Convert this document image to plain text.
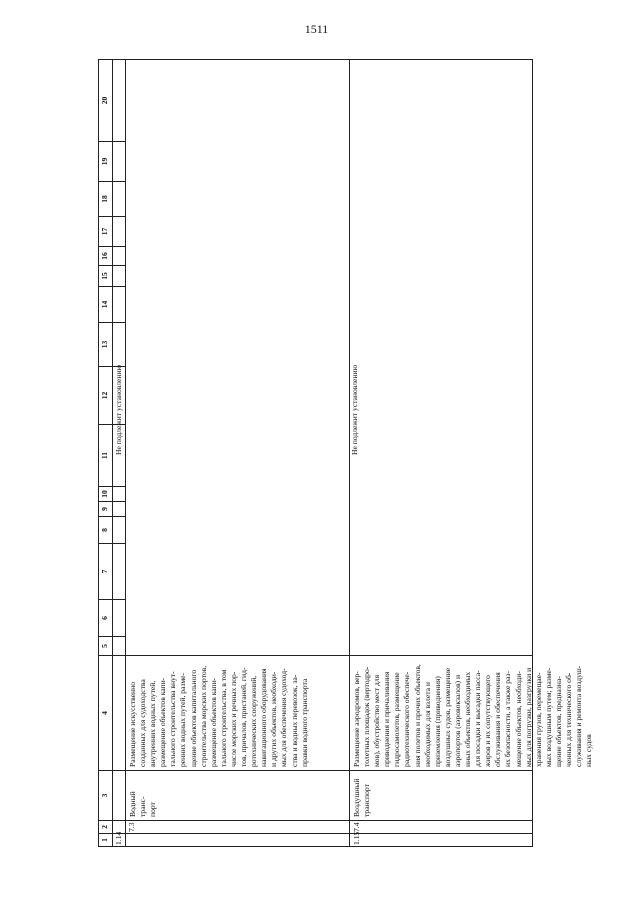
1511
1
2
3
4
5
6
7
8
9
10
11
12
13
14
15
16
17
18
19
20
1.14
7.3
Водный транс-
порт
Размещение искусственно
созданных для судоходства
внутренних водных путей,
размещение объектов капи-
тального строительства внут-
ренних водных путей, разме-
щение объектов капитального
строительства морских портов,
размещение объектов капи-
тального строительства, в том
числе морских и речных пор-
тов, причалов, пристаней, гид-
ротехнических сооружений,
навигационного оборудования
и других объектов, необходи-
мых для обеспечения судоход-
ства и водных перевозок, за-
правки водного транспорта
Не подлежит установлению
1.15
7.4
Воздушный
транспорт
Размещение аэродромов, вер-
толетных площадок (вертодро-
мов), обустройство мест для
приводнения и причаливания
гидросамолетов, размещение
радиотехнического обеспече-
ния полетов и прочих объектов,
необходимых для взлета и
приземления (приводнения)
воздушных судов, размещение
аэропортов (аэровокзалов) и
иных объектов, необходимых
для посадки и высадки пасса-
жиров и их сопутствующего
обслуживания и обеспечения
их безопасности, а также раз-
мещение объектов, необходи-
мых для погрузки, разгрузки и
хранения грузов, перемещае-
мых воздушным путем; разме-
щение объектов, предназна-
ченных для технического об-
служивания и ремонта воздуш-
ных судов
Не подлежит установлению
